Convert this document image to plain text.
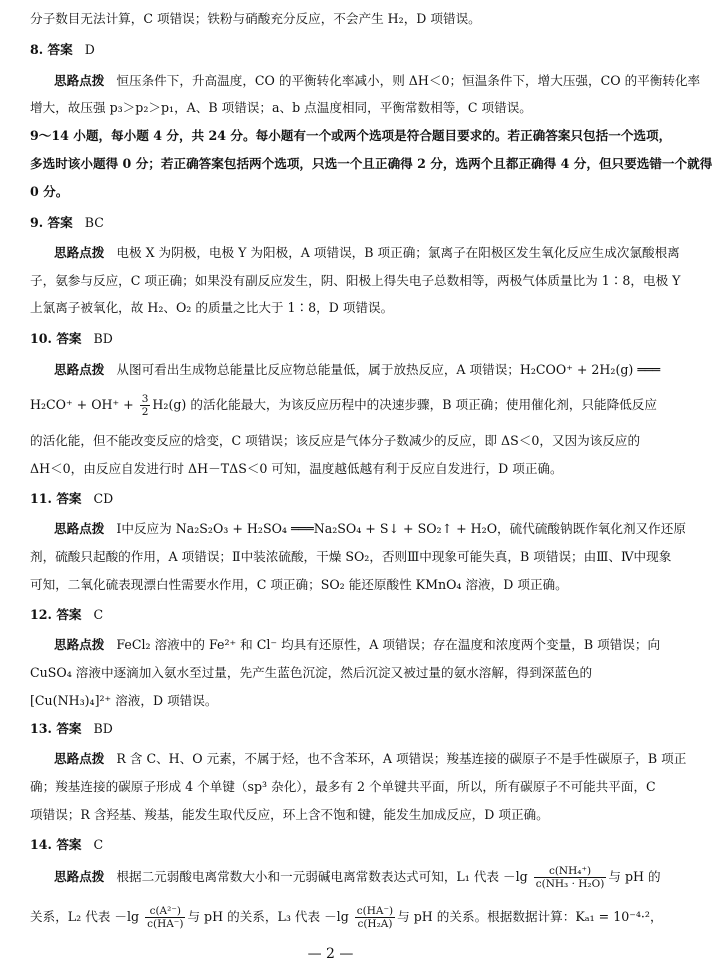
分子数目无法计算，C 项错误；铁粉与硝酸充分反应，不会产生 H₂，D 项错误。
8. 答案 D
思路点拨 恒压条件下，升高温度，CO 的平衡转化率减小，则 ΔH＜0；恒温条件下，增大压强，CO 的平衡转化率
增大，故压强 p₃＞p₂＞p₁，A、B 项错误；a、b 点温度相同，平衡常数相等，C 项错误。
9～14 小题，每小题 4 分，共 24 分。每小题有一个或两个选项是符合题目要求的。若正确答案只包括一个选项，
多选时该小题得 0 分；若正确答案包括两个选项，只选一个且正确得 2 分，选两个且都正确得 4 分，但只要选错一个就得
0 分。
9. 答案 BC
思路点拨 电极 X 为阴极，电极 Y 为阳极，A 项错误，B 项正确；氯离子在阳极区发生氧化反应生成次氯酸根离
子，氨参与反应，C 项正确；如果没有副反应发生，阴、阳极上得失电子总数相等，两极气体质量比为 1∶8，电极 Y
上氯离子被氧化，故 H₂、O₂ 的质量之比大于 1∶8，D 项错误。
10. 答案 BD
思路点拨 从图可看出生成物总能量比反应物总能量低，属于放热反应，A 项错误；H₂COO⁺ + 2H₂(g) ═══
$H_2CO^+ + OH^+ + \frac{3}{2} H_2(g)$ 的活化能最大，为该反应历程中的决速步骤，B 项正确；使用催化剂，只能降低反应
的活化能，但不能改变反应的焓变，C 项错误；该反应是气体分子数减少的反应，即 ΔS＜0，又因为该反应的
ΔH＜0，由反应自发进行时 ΔH－TΔS＜0 可知，温度越低越有利于反应自发进行，D 项正确。
11. 答案 CD
思路点拨 Ⅰ中反应为 Na₂S₂O₃ + H₂SO₄ ═══Na₂SO₄ + S↓ + SO₂↑ + H₂O，硫代硫酸钠既作氧化剂又作还原
剂，硫酸只起酸的作用，A 项错误；Ⅱ中装浓硫酸，干燥 SO₂，否则Ⅲ中现象可能失真，B 项错误；由Ⅲ、Ⅳ中现象
可知，二氧化硫表现漂白性需要水作用，C 项正确；SO₂ 能还原酸性 KMnO₄ 溶液，D 项正确。
12. 答案 C
思路点拨 FeCl₂ 溶液中的 Fe²⁺ 和 Cl⁻ 均具有还原性，A 项错误；存在温度和浓度两个变量，B 项错误；向
CuSO₄ 溶液中逐滴加入氨水至过量，先产生蓝色沉淀，然后沉淀又被过量的氨水溶解，得到深蓝色的
[Cu(NH₃)₄]²⁺ 溶液，D 项错误。
13. 答案 BD
思路点拨 R 含 C、H、O 元素，不属于烃，也不含苯环，A 项错误；羧基连接的碳原子不是手性碳原子，B 项正
确；羧基连接的碳原子形成 4 个单键（sp³ 杂化），最多有 2 个单键共平面，所以，所有碳原子不可能共平面，C
项错误；R 含羟基、羧基，能发生取代反应，环上含不饱和键，能发生加成反应，D 项正确。
14. 答案 C
思路点拨 根据二元弱酸电离常数大小和一元弱碱电离常数表达式可知，L₁ 代表 $-\lg \frac{\text{c(NH₄⁺)}}{\text{c(NH₃ · H₂O)}}$ 与 pH 的
关系，L₂ 代表 $-\lg \frac{\text{c(A²⁻)}}{c(HA^-)}$ 与 pH 的关系，L₃ 代表 $-\lg \frac{c(HA^-)}{\text{c(H₂A)}}$ 与 pH 的关系。根据数据计算：Kₐ₁ = 10⁻⁴·²，
— 2 —
